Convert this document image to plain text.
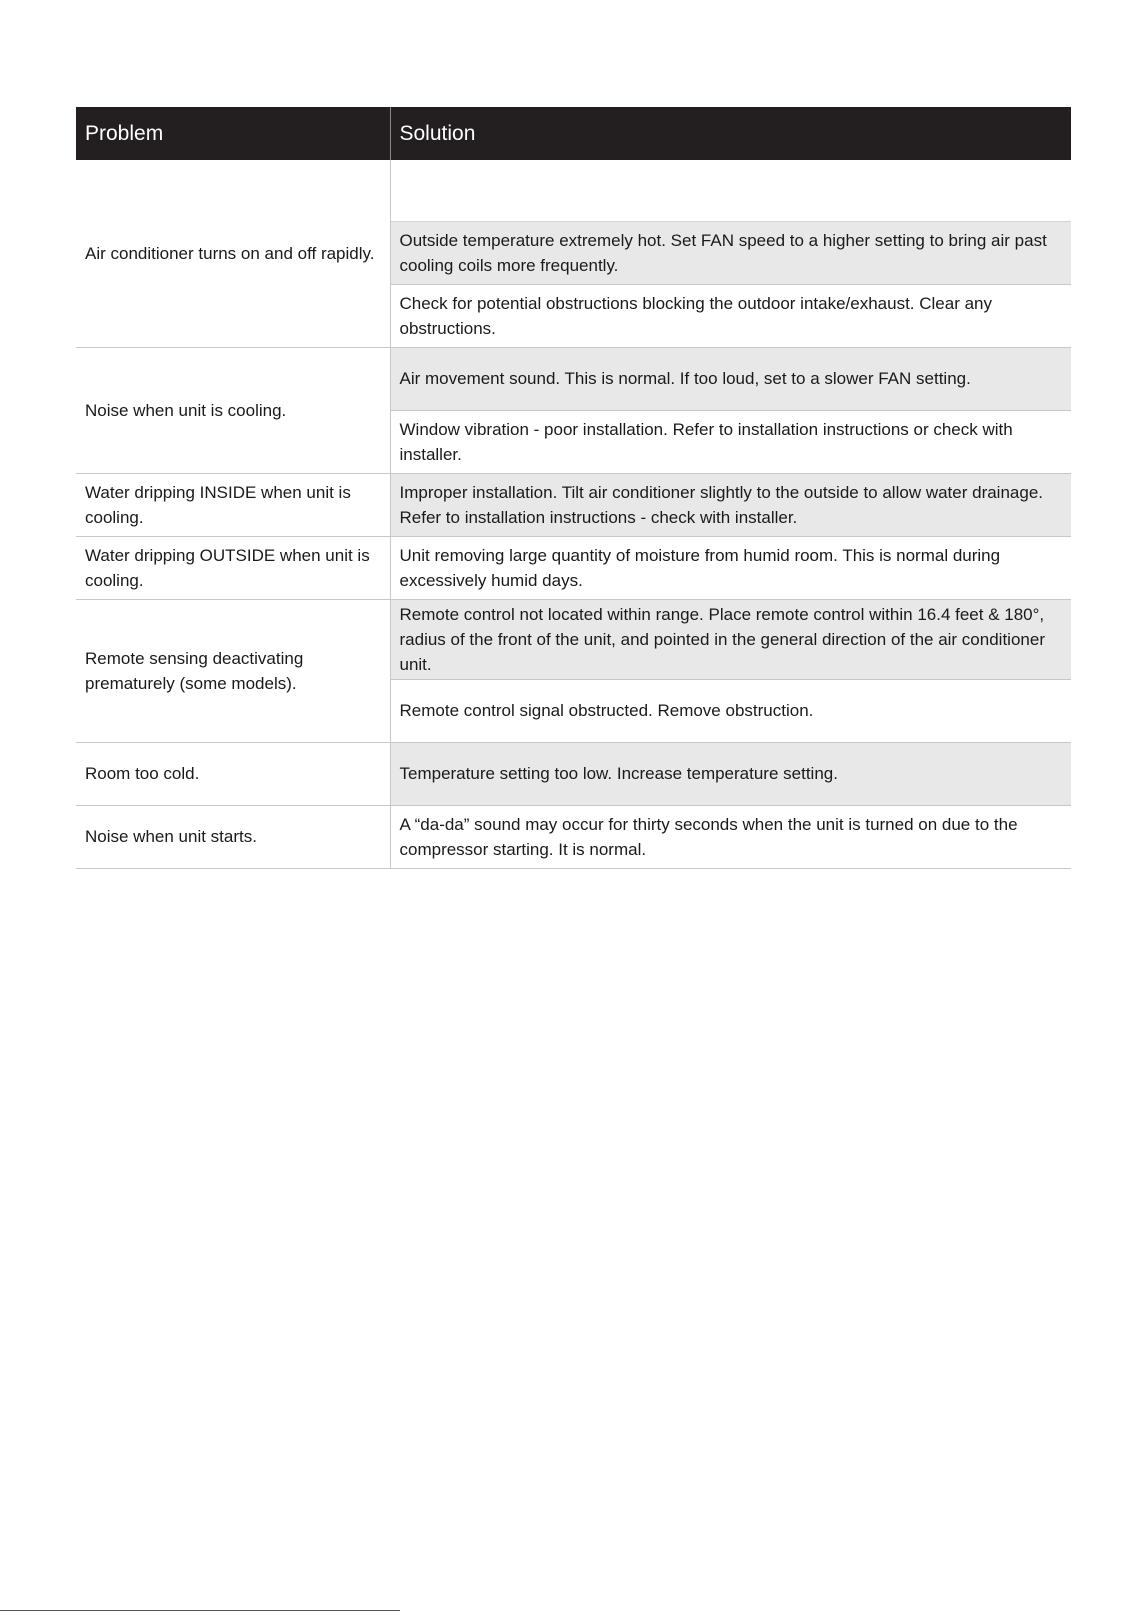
Problem	Solution
Air conditioner turns on and off rapidly.	
	Outside temperature extremely hot. Set FAN speed to a higher setting to bring air past cooling coils more frequently.
	Check for potential obstructions blocking the outdoor intake/exhaust. Clear any obstructions.
Noise when unit is cooling.	Air movement sound. This is normal. If too loud, set to a slower FAN setting.
	Window vibration - poor installation. Refer to installation instructions or check with installer.
Water dripping INSIDE when unit is cooling.	Improper installation. Tilt air conditioner slightly to the outside to allow water drainage. Refer to installation instructions - check with installer.
Water dripping OUTSIDE when unit is cooling.	Unit removing large quantity of moisture from humid room. This is normal during excessively humid days.
Remote sensing deactivating prematurely (some models).	Remote control not located within range. Place remote control within 16.4 feet & 180°, radius of the front of the unit, and pointed in the general direction of the air conditioner unit.
	Remote control signal obstructed. Remove obstruction.
Room too cold.	Temperature setting too low. Increase temperature setting.
Noise when unit starts.	A “da-da” sound may occur for thirty seconds when the unit is turned on due to the compressor starting. It is normal.
